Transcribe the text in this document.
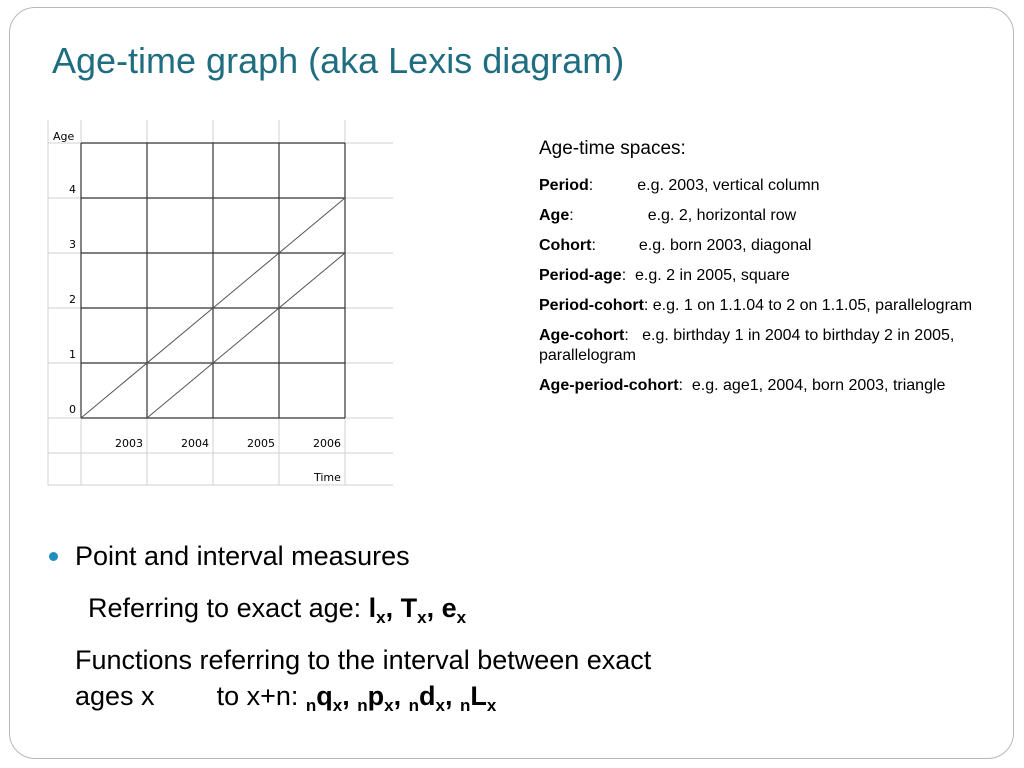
Age-time graph (aka Lexis diagram)
Age
0
1
2
3
4
2003	2004	2005	2006
Time
Age-time spaces:
Period:	e.g. 2003, vertical column
Age:	e.g. 2, horizontal row
Cohort:	e.g. born 2003, diagonal
Period-age:  e.g. 2 in 2005, square
Period-cohort: e.g. 1 on 1.1.04 to 2 on 1.1.05, parallelogram
Age-cohort:   e.g. birthday 1 in 2004 to birthday 2 in 2005, parallelogram
Age-period-cohort:  e.g. age1, 2004, born 2003, triangle
Point and interval measures
Referring to exact age: $l_x$, $T_x$, $e_x$
Functions referring to the interval between exact
ages x to x+n: $_nq_x$, $_np_x$, $_nd_x$, $_nL_x$
